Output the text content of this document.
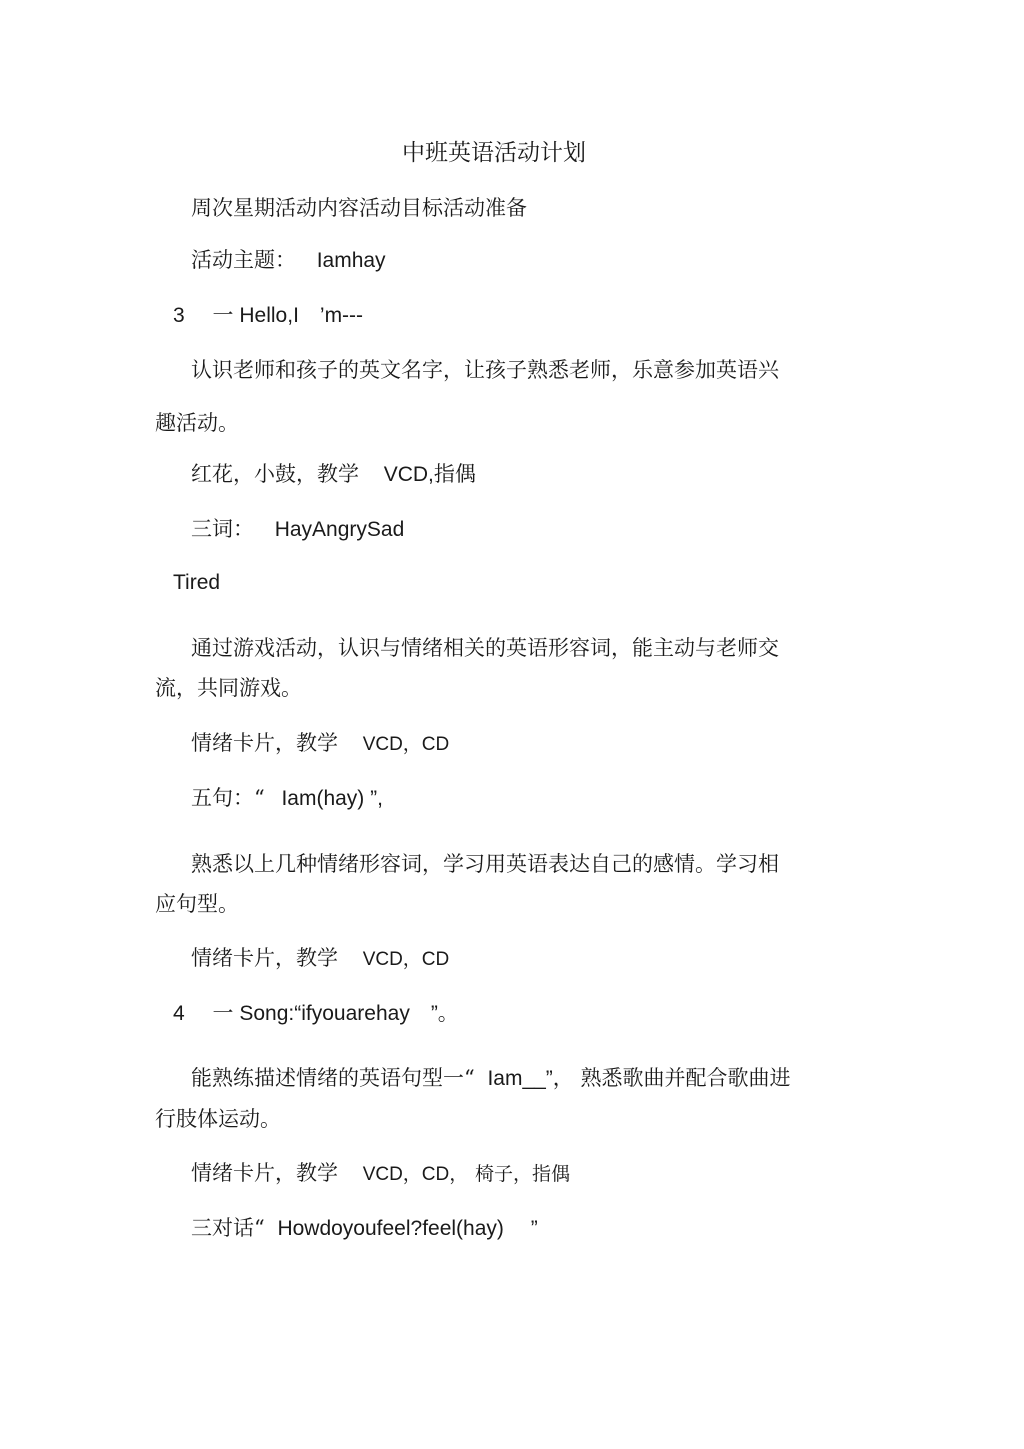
中班英语活动计划
周次星期活动内容活动目标活动准备
活动主题： Iamhay
3 一 Hello,I　’m---
认识老师和孩子的英文名字，让孩子熟悉老师，乐意参加英语兴
趣活动。
红花，小鼓，教学 VCD,指偶
三词： HayAngrySad
Tired
通过游戏活动，认识与情绪相关的英语形容词，能主动与老师交
流，共同游戏。
情绪卡片，教学 VCD，CD
五句：“ Iam(hay) ”,
熟悉以上几种情绪形容词，学习用英语表达自己的感情。学习相
应句型。
情绪卡片，教学 VCD，CD
4 一 Song:“ifyouarehay　”。
能熟练描述情绪的英语句型一“ Iam__”， 熟悉歌曲并配合歌曲进
行肢体运动。
情绪卡片，教学 VCD，CD， 椅子，指偶
三对话“ Howdoyoufeel?feel(hay)　 ”
